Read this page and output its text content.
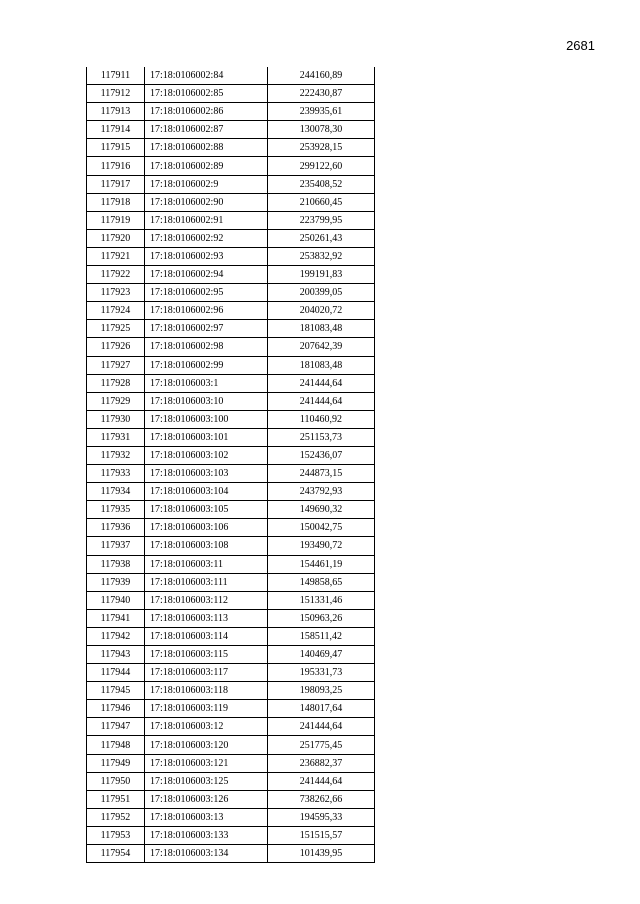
2681
117911	17:18:0106002:84	244160,89
117912	17:18:0106002:85	222430,87
117913	17:18:0106002:86	239935,61
117914	17:18:0106002:87	130078,30
117915	17:18:0106002:88	253928,15
117916	17:18:0106002:89	299122,60
117917	17:18:0106002:9	235408,52
117918	17:18:0106002:90	210660,45
117919	17:18:0106002:91	223799,95
117920	17:18:0106002:92	250261,43
117921	17:18:0106002:93	253832,92
117922	17:18:0106002:94	199191,83
117923	17:18:0106002:95	200399,05
117924	17:18:0106002:96	204020,72
117925	17:18:0106002:97	181083,48
117926	17:18:0106002:98	207642,39
117927	17:18:0106002:99	181083,48
117928	17:18:0106003:1	241444,64
117929	17:18:0106003:10	241444,64
117930	17:18:0106003:100	110460,92
117931	17:18:0106003:101	251153,73
117932	17:18:0106003:102	152436,07
117933	17:18:0106003:103	244873,15
117934	17:18:0106003:104	243792,93
117935	17:18:0106003:105	149690,32
117936	17:18:0106003:106	150042,75
117937	17:18:0106003:108	193490,72
117938	17:18:0106003:11	154461,19
117939	17:18:0106003:111	149858,65
117940	17:18:0106003:112	151331,46
117941	17:18:0106003:113	150963,26
117942	17:18:0106003:114	158511,42
117943	17:18:0106003:115	140469,47
117944	17:18:0106003:117	195331,73
117945	17:18:0106003:118	198093,25
117946	17:18:0106003:119	148017,64
117947	17:18:0106003:12	241444,64
117948	17:18:0106003:120	251775,45
117949	17:18:0106003:121	236882,37
117950	17:18:0106003:125	241444,64
117951	17:18:0106003:126	738262,66
117952	17:18:0106003:13	194595,33
117953	17:18:0106003:133	151515,57
117954	17:18:0106003:134	101439,95
